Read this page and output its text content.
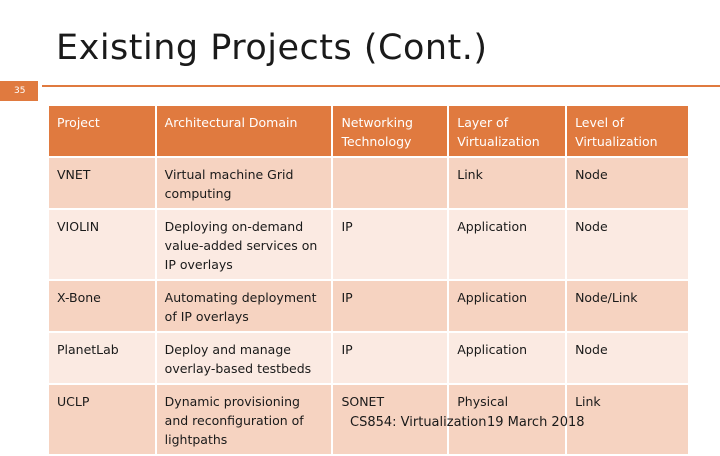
Existing Projects (Cont.)
35
Project	Architectural Domain	Networking Technology	Layer of Virtualization	Level of Virtualization
VNET	Virtual machine Grid computing		Link	Node
VIOLIN	Deploying on-demand value-added services on IP overlays	IP	Application	Node
X-Bone	Automating deployment of IP overlays	IP	Application	Node/Link
PlanetLab	Deploy and manage overlay-based testbeds	IP	Application	Node
UCLP	Dynamic provisioning and reconfiguration of lightpaths	SONET	Physical	Link
CS854: Virtualization 19 March 2018
